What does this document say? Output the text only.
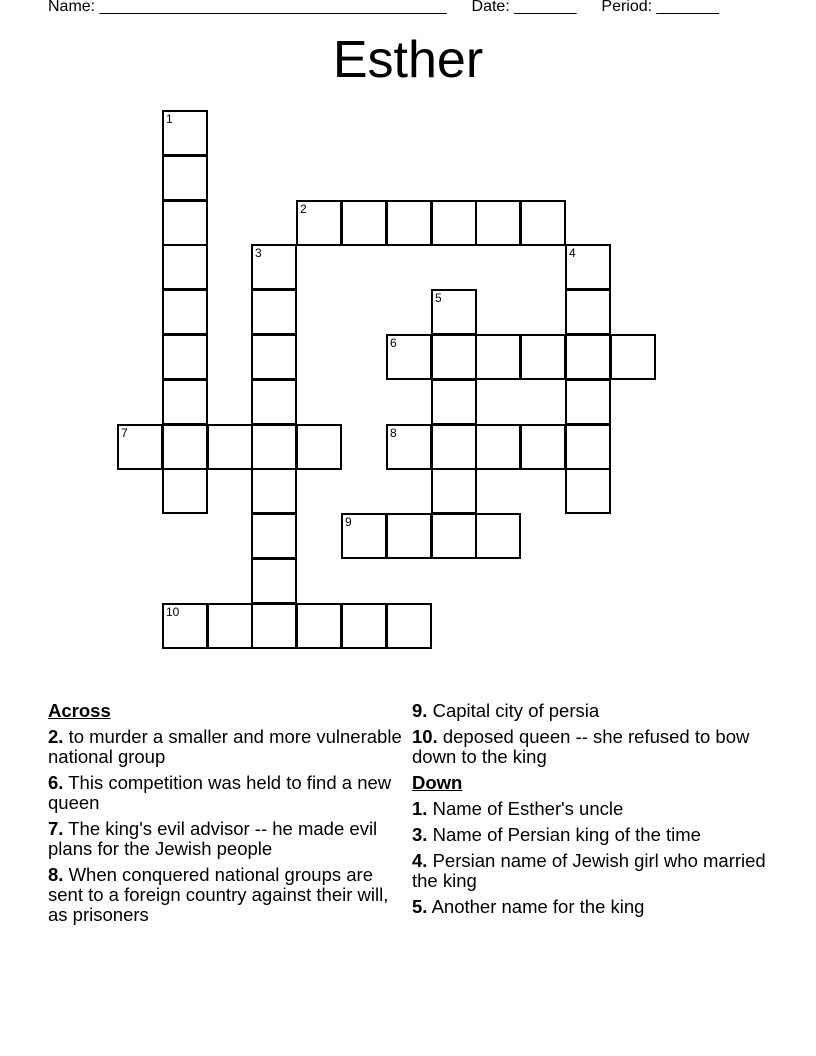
Name: _______________________________________ Date: _______ Period: _______
Esther
1
2
3	4
5
6
7	8
9
10
Across
2. to murder a smaller and more vulnerable national group
6. This competition was held to find a new queen
7. The king's evil advisor -- he made evil plans for the Jewish people
8. When conquered national groups are sent to a foreign country against their will, as prisoners
9. Capital city of persia
10. deposed queen -- she refused to bow down to the king
Down
1. Name of Esther's uncle
3. Name of Persian king of the time
4. Persian name of Jewish girl who married the king
5. Another name for the king
